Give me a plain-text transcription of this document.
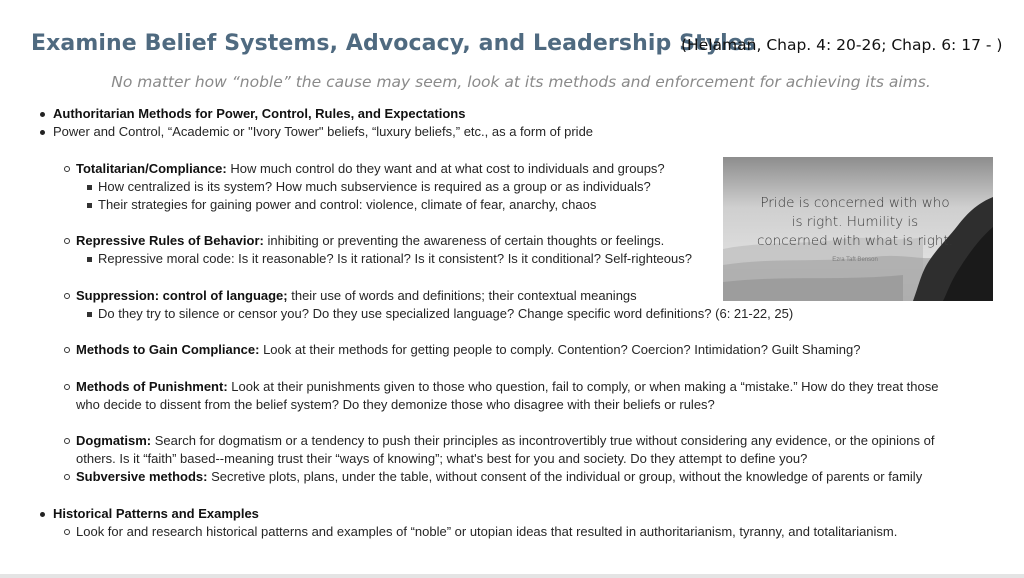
Examine Belief Systems, Advocacy, and Leadership Styles
(Helaman, Chap. 4: 20-26; Chap. 6: 17 - )
No matter how “noble” the cause may seem, look at its methods and enforcement for achieving its aims.
Authoritarian Methods for Power, Control, Rules, and Expectations
Power and Control, “Academic or "Ivory Tower" beliefs, “luxury beliefs,” etc., as a form of pride
Totalitarian/Compliance: How much control do they want and at what cost to individuals and groups?
How centralized is its system? How much subservience is required as a group or as individuals?
Their strategies for gaining power and control: violence, climate of fear, anarchy, chaos
Repressive Rules of Behavior: inhibiting or preventing the awareness of certain thoughts or feelings.
Repressive moral code: Is it reasonable? Is it rational? Is it consistent? Is it conditional? Self-righteous?
Suppression: control of language; their use of words and definitions; their contextual meanings
Do they try to silence or censor you? Do they use specialized language? Change specific word definitions? (6: 21-22, 25)
Methods to Gain Compliance: Look at their methods for getting people to comply. Contention? Coercion? Intimidation? Guilt Shaming?
Methods of Punishment: Look at their punishments given to those who question, fail to comply, or when making a “mistake.” How do they treat those
who decide to dissent from the belief system? Do they demonize those who disagree with their beliefs or rules?
Dogmatism: Search for dogmatism or a tendency to push their principles as incontrovertibly true without considering any evidence, or the opinions of
others. Is it “faith” based--meaning trust their “ways of knowing”; what's best for you and society. Do they attempt to define you?
Subversive methods: Secretive plots, plans, under the table, without consent of the individual or group, without the knowledge of parents or family
Historical Patterns and Examples
Look for and research historical patterns and examples of “noble” or utopian ideas that resulted in authoritarianism, tyranny, and totalitarianism.
Pride is concerned with who
is right. Humility is
concerned with what is right.
Ezra Taft Benson
